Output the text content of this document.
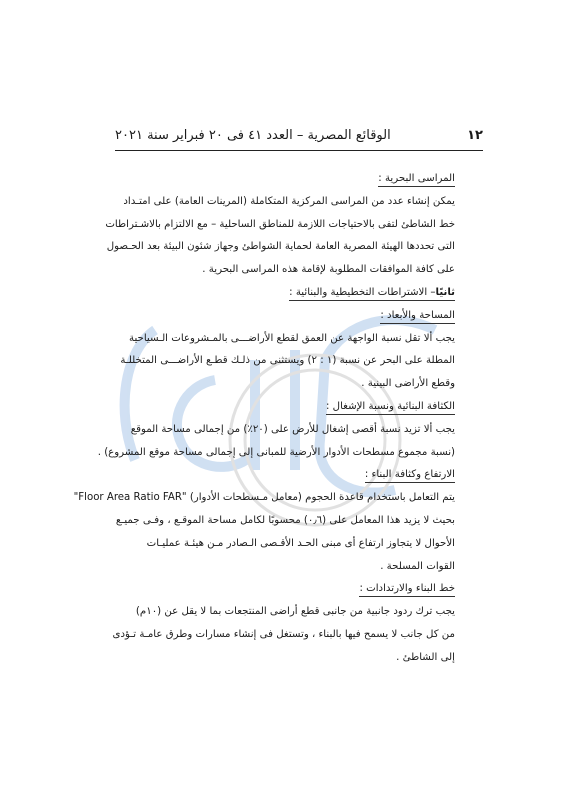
١٢
الوقائع المصرية – العدد ٤١ فى ٢٠ فبراير سنة ٢٠٢١
المراسى البحرية :

يمكن إنشاء عدد من المراسى المركزية المتكاملة (المرينات العامة) على امتـداد
خط الشاطئ لتفى بالاحتياجات اللازمة للمناطق الساحلية – مع الالتزام بالاشـتراطات
التى تحددها الهيئة المصرية العامة لحماية الشواطئ وجهاز شئون البيئة بعد الحـصول
على كافة الموافقات المطلوبة لإقامة هذه المراسى البحرية .

ثانيًا– الاشتراطات التخطيطية والبنائية :
المساحة والأبعاد :

يجب ألا تقل نسبة الواجهة عن العمق لقطع الأراضـــى بالمـشروعات الـسياحية
المطلة على البحر عن نسبة (١ : ٢) ويستثنى من ذلـك قطـع الأراضـــى المتخللـة
وقطع الأراضى البينية .

الكثافة البنائية ونسبة الإشغال :

يجب ألا تزيد نسبة أقصى إشغال للأرض على (٢٠٪) من إجمالى مساحة الموقع
(نسبة مجموع مسطحات الأدوار الأرضية للمبانى إلى إجمالى مساحة موقع المشروع) .

الارتفاع وكثافة البناء :

يتم التعامل باستخدام قاعدة الحجوم (معامل مـسطحات الأدوار) "Floor Area Ratio FAR"
بحيث لا يزيد هذا المعامل على (٠٫٦) محسوبًا لكامل مساحة الموقـع ، وفـى جميـع
الأحوال لا يتجاوز ارتفاع أى مبنى الحـد الأقـصى الـصادر مـن هيئـة عمليـات
القوات المسلحة .

خط البناء والارتدادات :

يجب ترك ردود جانبية من جانبى قطع أراضى المنتجعات بما لا يقل عن (١٠م)
من كل جانب لا يسمح فيها بالبناء ، وتستغل فى إنشاء مسارات وطرق عامـة تـؤدى
إلى الشاطئ .
